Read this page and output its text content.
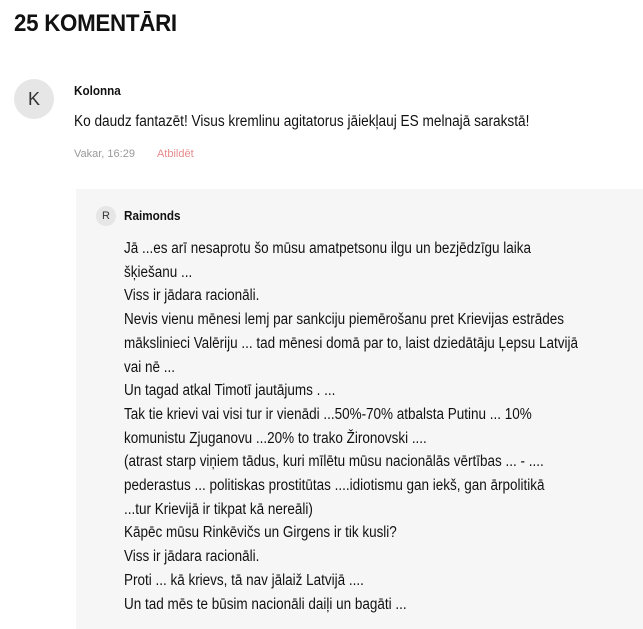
25 KOMENTĀRI
K	Kolonna
Ko daudz fantazēt! Visus kremlinu agitatorus jāiekļauj ES melnajā sarakstā!
Vakar, 16:29 Atbildēt
R Raimonds
Jā ...es arī nesaprotu šo mūsu amatpetsonu ilgu un bezjēdzīgu laika
šķiešanu ...
Viss ir jādara racionāli.
Nevis vienu mēnesi lemj par sankciju piemērošanu pret Krievijas estrādes
mākslinieci Valēriju ... tad mēnesi domā par to, laist dziedātāju Ļepsu Latvijā
vai nē ...
Un tagad atkal Timotī jautājums . ...
Tak tie krievi vai visi tur ir vienādi ...50%-70% atbalsta Putinu ... 10%
komunistu Zjuganovu ...20% to trako Žironovski ....
(atrast starp viņiem tādus, kuri mīlētu mūsu nacionālās vērtības ... - ....
pederastus ... politiskas prostitūtas ....idiotismu gan iekš, gan ārpolitikā
...tur Krievijā ir tikpat kā nereāli)
Kāpēc mūsu Rinkēvičs un Girgens ir tik kusli?
Viss ir jādara racionāli.
Proti ... kā krievs, tā nav jālaiž Latvijā ....
Un tad mēs te būsim nacionāli daiļi un bagāti ...
